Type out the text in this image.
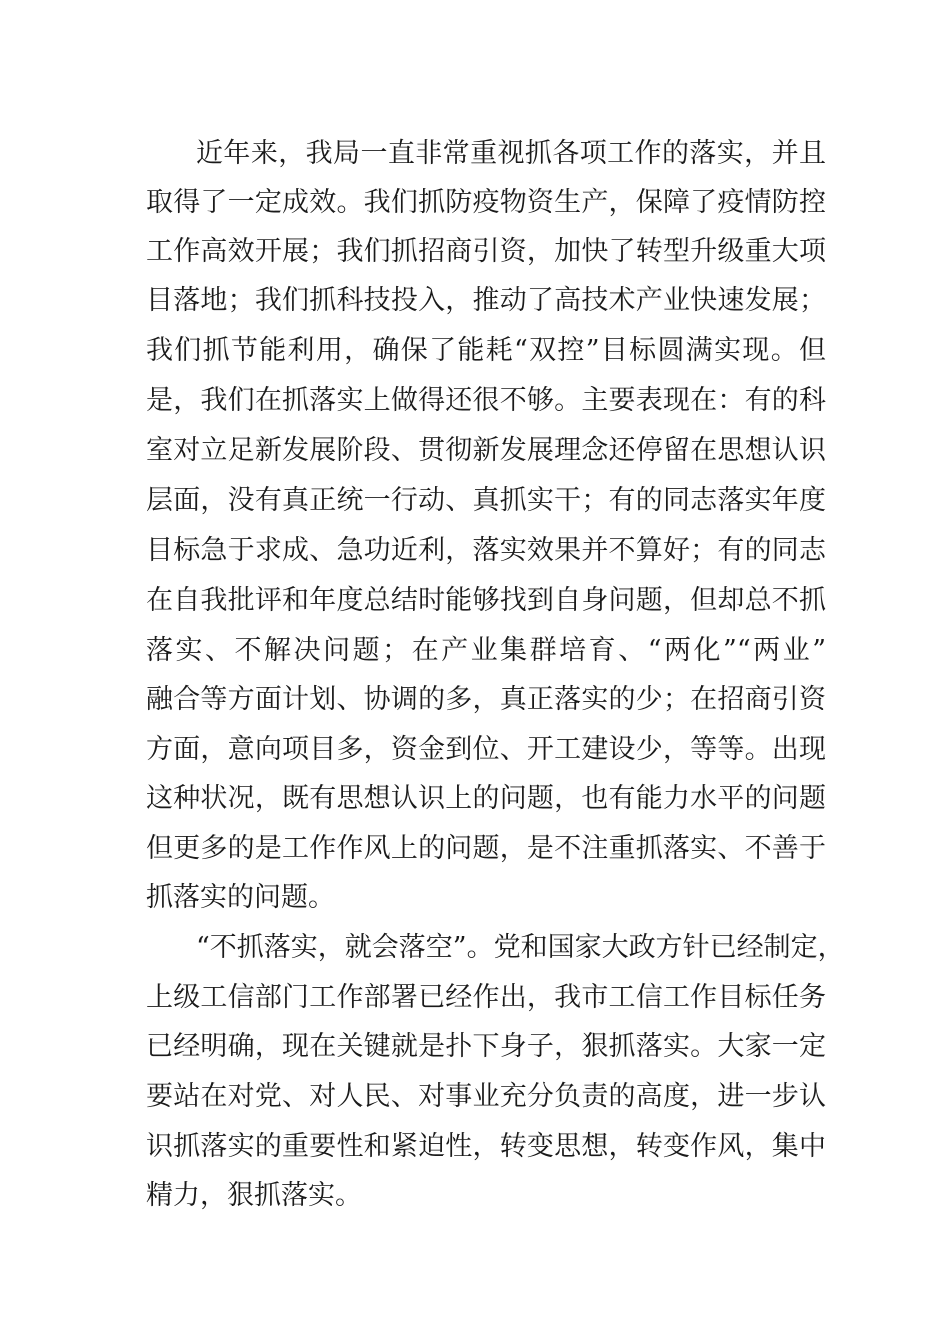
近年来，我局一直非常重视抓各项工作的落实，并且
取得了一定成效。我们抓防疫物资生产，保障了疫情防控
工作高效开展；我们抓招商引资，加快了转型升级重大项
目落地；我们抓科技投入，推动了高技术产业快速发展；
我们抓节能利用，确保了能耗“双控”目标圆满实现。但
是，我们在抓落实上做得还很不够。主要表现在：有的科
室对立足新发展阶段、贯彻新发展理念还停留在思想认识
层面，没有真正统一行动、真抓实干；有的同志落实年度
目标急于求成、急功近利，落实效果并不算好；有的同志
在自我批评和年度总结时能够找到自身问题，但却总不抓
落实、不解决问题；在产业集群培育、“两化”“两业”
融合等方面计划、协调的多，真正落实的少；在招商引资
方面，意向项目多，资金到位、开工建设少，等等。出现
这种状况，既有思想认识上的问题，也有能力水平的问题
但更多的是工作作风上的问题，是不注重抓落实、不善于
抓落实的问题。
“不抓落实，就会落空”。党和国家大政方针已经制定，
上级工信部门工作部署已经作出，我市工信工作目标任务
已经明确，现在关键就是扑下身子，狠抓落实。大家一定
要站在对党、对人民、对事业充分负责的高度，进一步认
识抓落实的重要性和紧迫性，转变思想，转变作风，集中
精力，狠抓落实。
